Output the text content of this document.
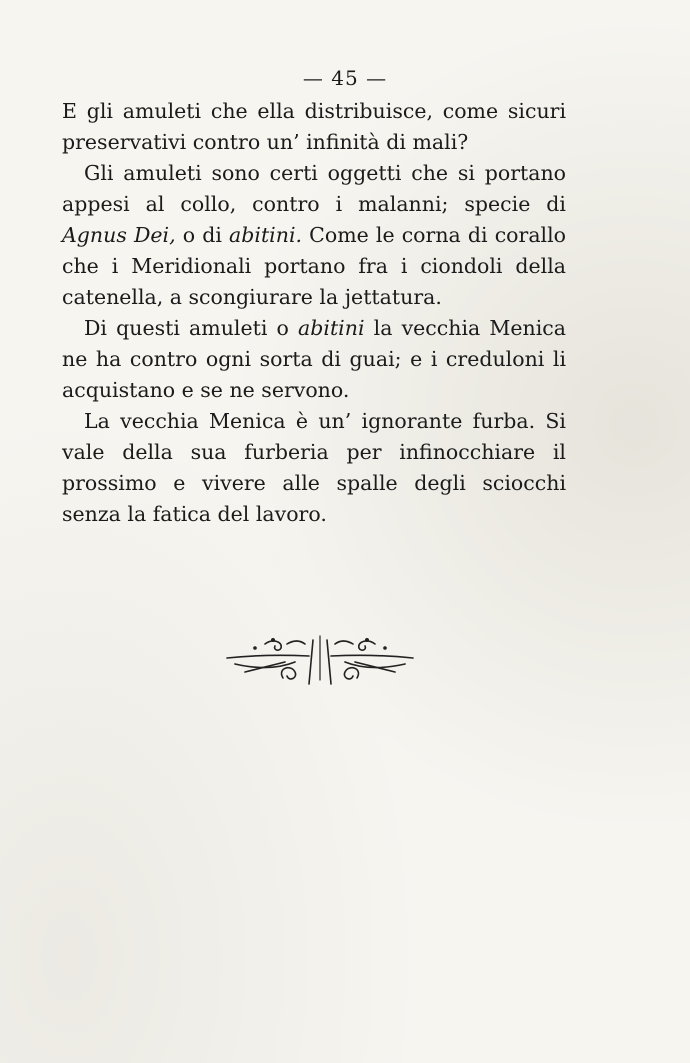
— 45 —

E gli amuleti che ella distribuisce, come sicuri preservativi contro un’ infinità di mali?

Gli amuleti sono certi oggetti che si portano appesi al collo, contro i malanni; specie di Agnus Dei, o di abitini. Come le corna di corallo che i Meridionali portano fra i ciondoli della catenella, a scongiurare la jettatura.

Di questi amuleti o abitini la vecchia Menica ne ha contro ogni sorta di guai; e i creduloni li acquistano e se ne servono.

La vecchia Menica è un’ ignorante furba. Si vale della sua furberia per infinocchiare il prossimo e vivere alle spalle degli sciocchi senza la fatica del lavoro.
